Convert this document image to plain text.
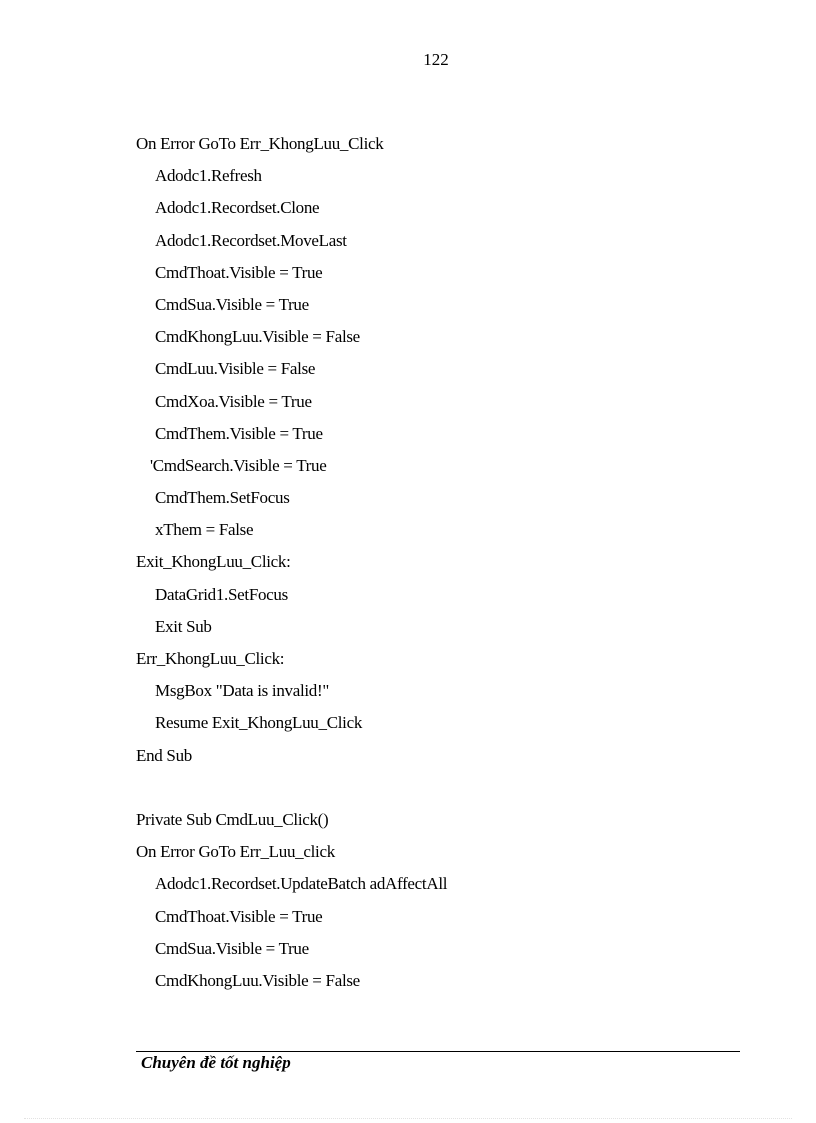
122
On Error GoTo Err_KhongLuu_Click
Adodc1.Refresh
Adodc1.Recordset.Clone
Adodc1.Recordset.MoveLast
CmdThoat.Visible = True
CmdSua.Visible = True
CmdKhongLuu.Visible = False
CmdLuu.Visible = False
CmdXoa.Visible = True
CmdThem.Visible = True
'CmdSearch.Visible = True
CmdThem.SetFocus
xThem = False
Exit_KhongLuu_Click:
DataGrid1.SetFocus
Exit Sub
Err_KhongLuu_Click:
MsgBox "Data is invalid!"
Resume Exit_KhongLuu_Click
End Sub
Private Sub CmdLuu_Click()
On Error GoTo Err_Luu_click
Adodc1.Recordset.UpdateBatch adAffectAll
CmdThoat.Visible = True
CmdSua.Visible = True
CmdKhongLuu.Visible = False
Chuyên đề tốt nghiệp
